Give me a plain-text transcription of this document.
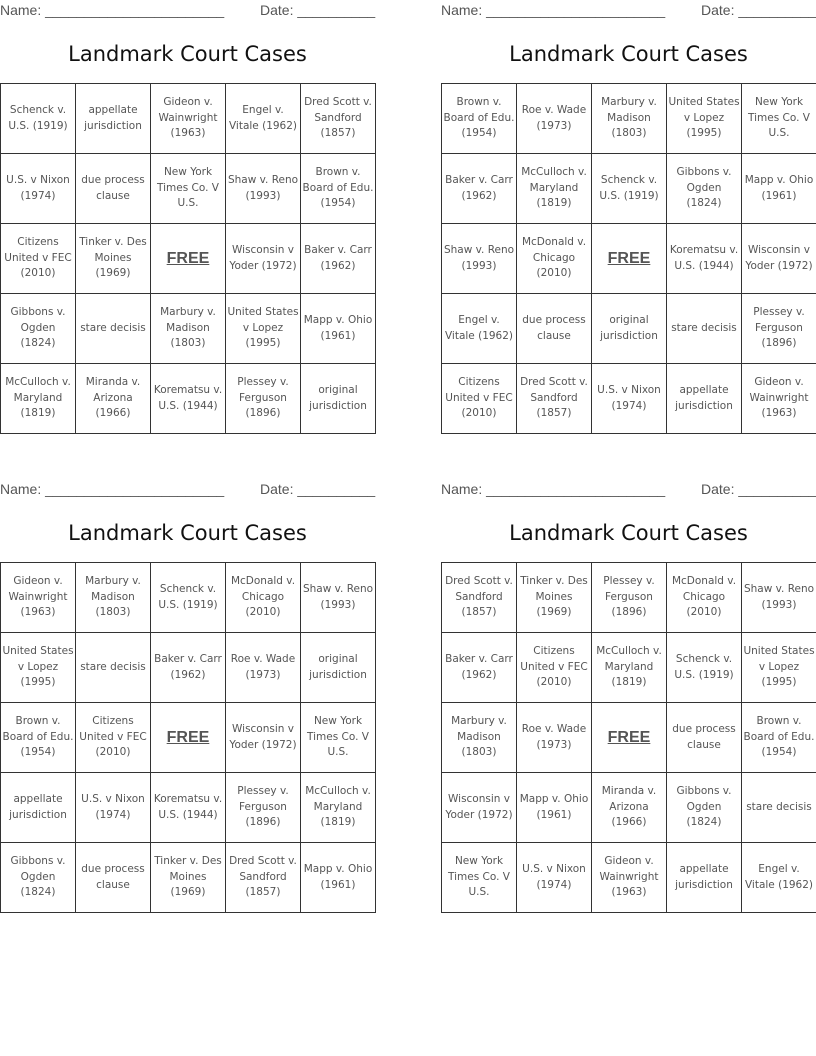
Name: _______________________	Date: __________
Landmark Court Cases
Schenck v. U.S. (1919)	appellate jurisdiction	Gideon v. Wainwright (1963)	Engel v. Vitale (1962)	Dred Scott v. Sandford (1857)
U.S. v Nixon (1974)	due process clause	New York Times Co. V U.S.	Shaw v. Reno (1993)	Brown v. Board of Edu. (1954)
Citizens United v FEC (2010)	Tinker v. Des Moines (1969)	FREE	Wisconsin v Yoder (1972)	Baker v. Carr (1962)
Gibbons v. Ogden (1824)	stare decisis	Marbury v. Madison (1803)	United States v Lopez (1995)	Mapp v. Ohio (1961)
McCulloch v. Maryland (1819)	Miranda v. Arizona (1966)	Korematsu v. U.S. (1944)	Plessey v. Ferguson (1896)	original jurisdiction
Name: _______________________	Date: __________
Landmark Court Cases
Brown v. Board of Edu. (1954)	Roe v. Wade (1973)	Marbury v. Madison (1803)	United States v Lopez (1995)	New York Times Co. V U.S.
Baker v. Carr (1962)	McCulloch v. Maryland (1819)	Schenck v. U.S. (1919)	Gibbons v. Ogden (1824)	Mapp v. Ohio (1961)
Shaw v. Reno (1993)	McDonald v. Chicago (2010)	FREE	Korematsu v. U.S. (1944)	Wisconsin v Yoder (1972)
Engel v. Vitale (1962)	due process clause	original jurisdiction	stare decisis	Plessey v. Ferguson (1896)
Citizens United v FEC (2010)	Dred Scott v. Sandford (1857)	U.S. v Nixon (1974)	appellate jurisdiction	Gideon v. Wainwright (1963)
Name: _______________________	Date: __________
Landmark Court Cases
Gideon v. Wainwright (1963)	Marbury v. Madison (1803)	Schenck v. U.S. (1919)	McDonald v. Chicago (2010)	Shaw v. Reno (1993)
United States v Lopez (1995)	stare decisis	Baker v. Carr (1962)	Roe v. Wade (1973)	original jurisdiction
Brown v. Board of Edu. (1954)	Citizens United v FEC (2010)	FREE	Wisconsin v Yoder (1972)	New York Times Co. V U.S.
appellate jurisdiction	U.S. v Nixon (1974)	Korematsu v. U.S. (1944)	Plessey v. Ferguson (1896)	McCulloch v. Maryland (1819)
Gibbons v. Ogden (1824)	due process clause	Tinker v. Des Moines (1969)	Dred Scott v. Sandford (1857)	Mapp v. Ohio (1961)
Name: _______________________	Date: __________
Landmark Court Cases
Dred Scott v. Sandford (1857)	Tinker v. Des Moines (1969)	Plessey v. Ferguson (1896)	McDonald v. Chicago (2010)	Shaw v. Reno (1993)
Baker v. Carr (1962)	Citizens United v FEC (2010)	McCulloch v. Maryland (1819)	Schenck v. U.S. (1919)	United States v Lopez (1995)
Marbury v. Madison (1803)	Roe v. Wade (1973)	FREE	due process clause	Brown v. Board of Edu. (1954)
Wisconsin v Yoder (1972)	Mapp v. Ohio (1961)	Miranda v. Arizona (1966)	Gibbons v. Ogden (1824)	stare decisis
New York Times Co. V U.S.	U.S. v Nixon (1974)	Gideon v. Wainwright (1963)	appellate jurisdiction	Engel v. Vitale (1962)
